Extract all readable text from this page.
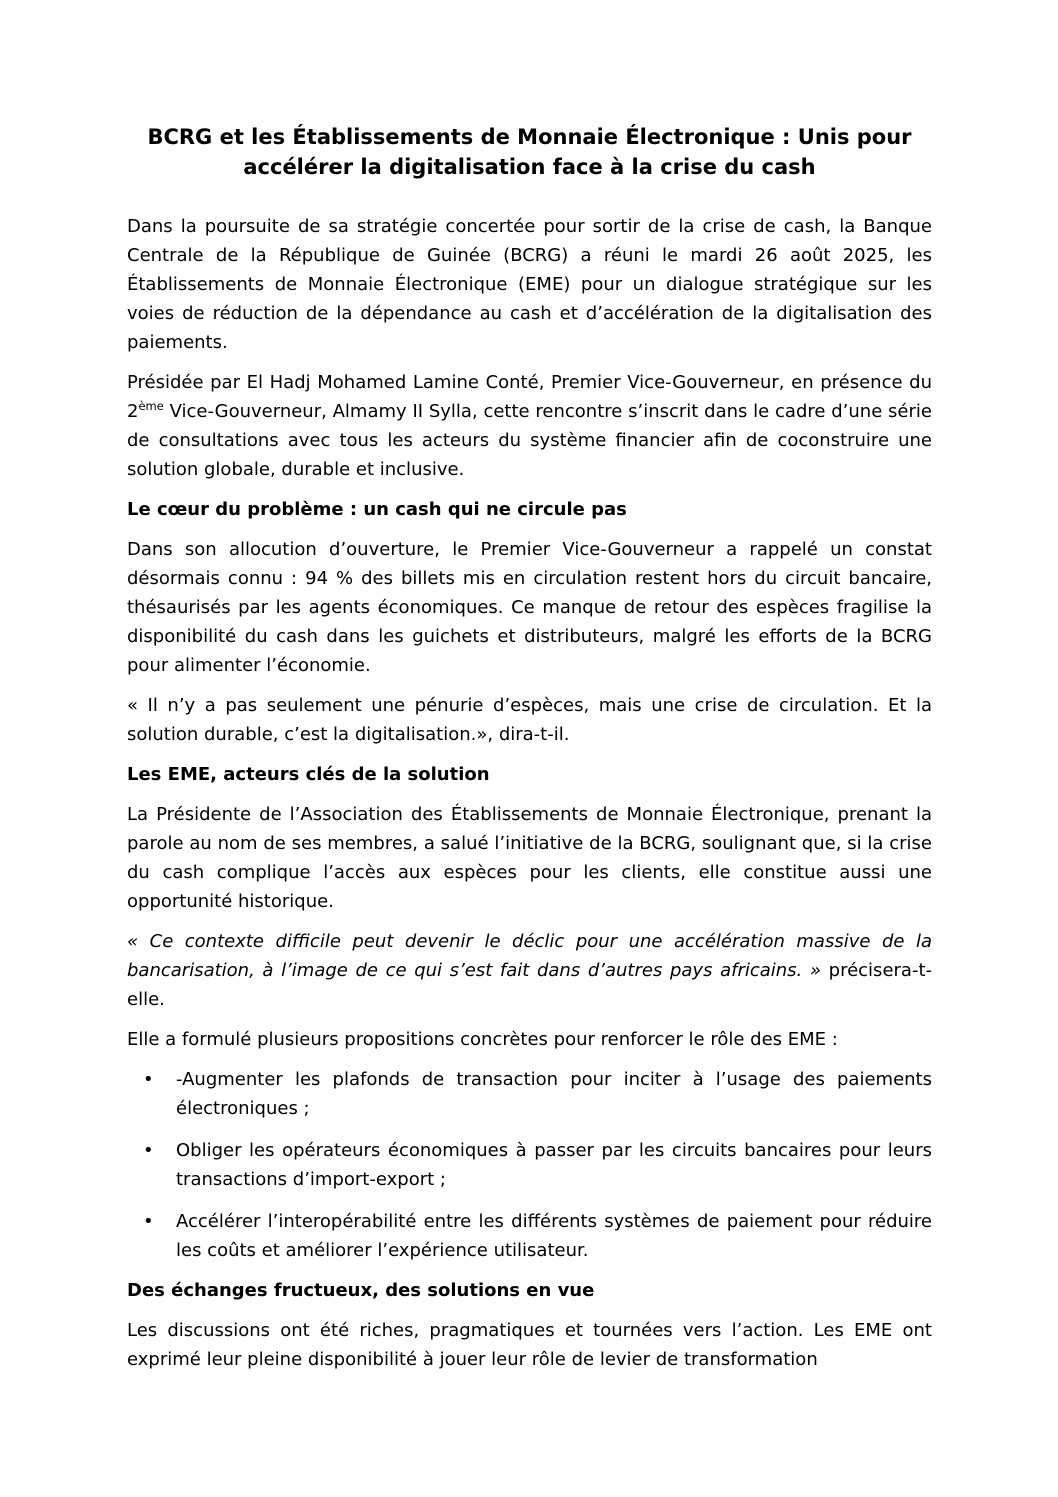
BCRG et les Établissements de Monnaie Électronique : Unis pour accélérer la digitalisation face à la crise du cash

Dans la poursuite de sa stratégie concertée pour sortir de la crise de cash, la Banque Centrale de la République de Guinée (BCRG) a réuni le mardi 26 août 2025, les Établissements de Monnaie Électronique (EME) pour un dialogue stratégique sur les voies de réduction de la dépendance au cash et d’accélération de la digitalisation des paiements.

Présidée par El Hadj Mohamed Lamine Conté, Premier Vice-Gouverneur, en présence du 2ème Vice-Gouverneur, Almamy II Sylla, cette rencontre s’inscrit dans le cadre d’une série de consultations avec tous les acteurs du système financier afin de coconstruire une solution globale, durable et inclusive.

Le cœur du problème : un cash qui ne circule pas

Dans son allocution d’ouverture, le Premier Vice-Gouverneur a rappelé un constat désormais connu : 94 % des billets mis en circulation restent hors du circuit bancaire, thésaurisés par les agents économiques. Ce manque de retour des espèces fragilise la disponibilité du cash dans les guichets et distributeurs, malgré les efforts de la BCRG pour alimenter l’économie.

« Il n’y a pas seulement une pénurie d’espèces, mais une crise de circulation. Et la solution durable, c’est la digitalisation.», dira-t-il.

Les EME, acteurs clés de la solution

La Présidente de l’Association des Établissements de Monnaie Électronique, prenant la parole au nom de ses membres, a salué l’initiative de la BCRG, soulignant que, si la crise du cash complique l’accès aux espèces pour les clients, elle constitue aussi une opportunité historique.

« Ce contexte difficile peut devenir le déclic pour une accélération massive de la bancarisation, à l’image de ce qui s’est fait dans d’autres pays africains. » précisera-t-elle.

Elle a formulé plusieurs propositions concrètes pour renforcer le rôle des EME :

• -Augmenter les plafonds de transaction pour inciter à l’usage des paiements électroniques ;
• Obliger les opérateurs économiques à passer par les circuits bancaires pour leurs transactions d’import-export ;
• Accélérer l’interopérabilité entre les différents systèmes de paiement pour réduire les coûts et améliorer l’expérience utilisateur.
Des échanges fructueux, des solutions en vue

Les discussions ont été riches, pragmatiques et tournées vers l’action. Les EME ont exprimé leur pleine disponibilité à jouer leur rôle de levier de transformation
